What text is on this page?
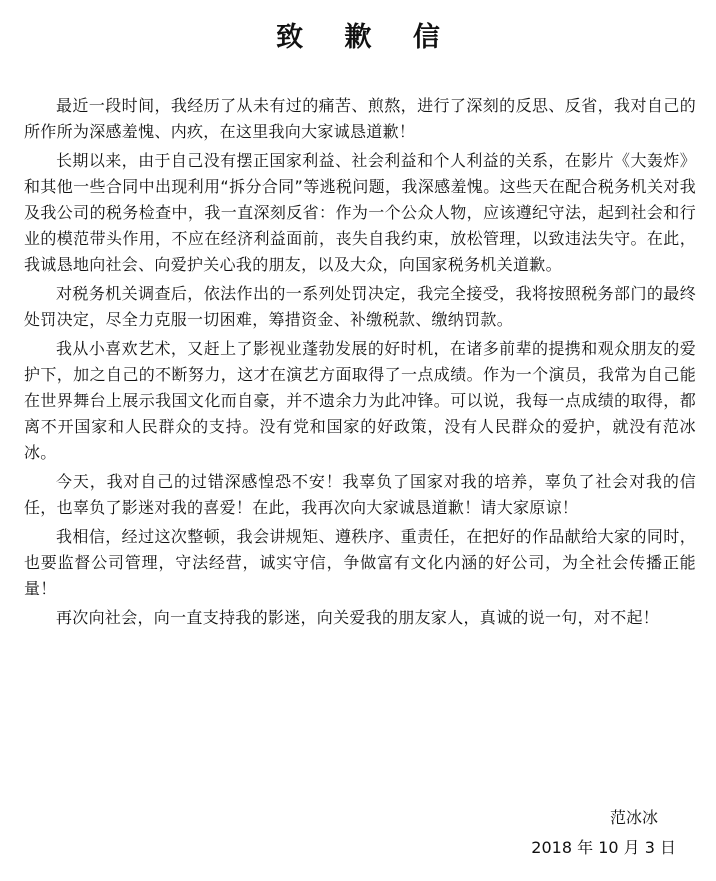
致 歉 信

最近一段时间，我经历了从未有过的痛苦、煎熬，进行了深刻的反思、反省，我对自己的所作所为深感羞愧、内疚，在这里我向大家诚恳道歉！

长期以来，由于自己没有摆正国家利益、社会利益和个人利益的关系，在影片《大轰炸》和其他一些合同中出现利用“拆分合同”等逃税问题，我深感羞愧。这些天在配合税务机关对我及我公司的税务检查中，我一直深刻反省：作为一个公众人物，应该遵纪守法，起到社会和行业的模范带头作用，不应在经济利益面前，丧失自我约束，放松管理，以致违法失守。在此，我诚恳地向社会、向爱护关心我的朋友，以及大众，向国家税务机关道歉。

对税务机关调查后，依法作出的一系列处罚决定，我完全接受，我将按照税务部门的最终处罚决定，尽全力克服一切困难，筹措资金、补缴税款、缴纳罚款。

我从小喜欢艺术，又赶上了影视业蓬勃发展的好时机，在诸多前辈的提携和观众朋友的爱护下，加之自己的不断努力，这才在演艺方面取得了一点成绩。作为一个演员，我常为自己能在世界舞台上展示我国文化而自豪，并不遗余力为此冲锋。可以说，我每一点成绩的取得，都离不开国家和人民群众的支持。没有党和国家的好政策，没有人民群众的爱护，就没有范冰冰。

今天，我对自己的过错深感惶恐不安！我辜负了国家对我的培养，辜负了社会对我的信任，也辜负了影迷对我的喜爱！在此，我再次向大家诚恳道歉！请大家原谅！

我相信，经过这次整顿，我会讲规矩、遵秩序、重责任，在把好的作品献给大家的同时，也要监督公司管理，守法经营，诚实守信，争做富有文化内涵的好公司，为全社会传播正能量！

再次向社会，向一直支持我的影迷，向关爱我的朋友家人，真诚的说一句，对不起！

范冰冰
2018 年 10 月 3 日
